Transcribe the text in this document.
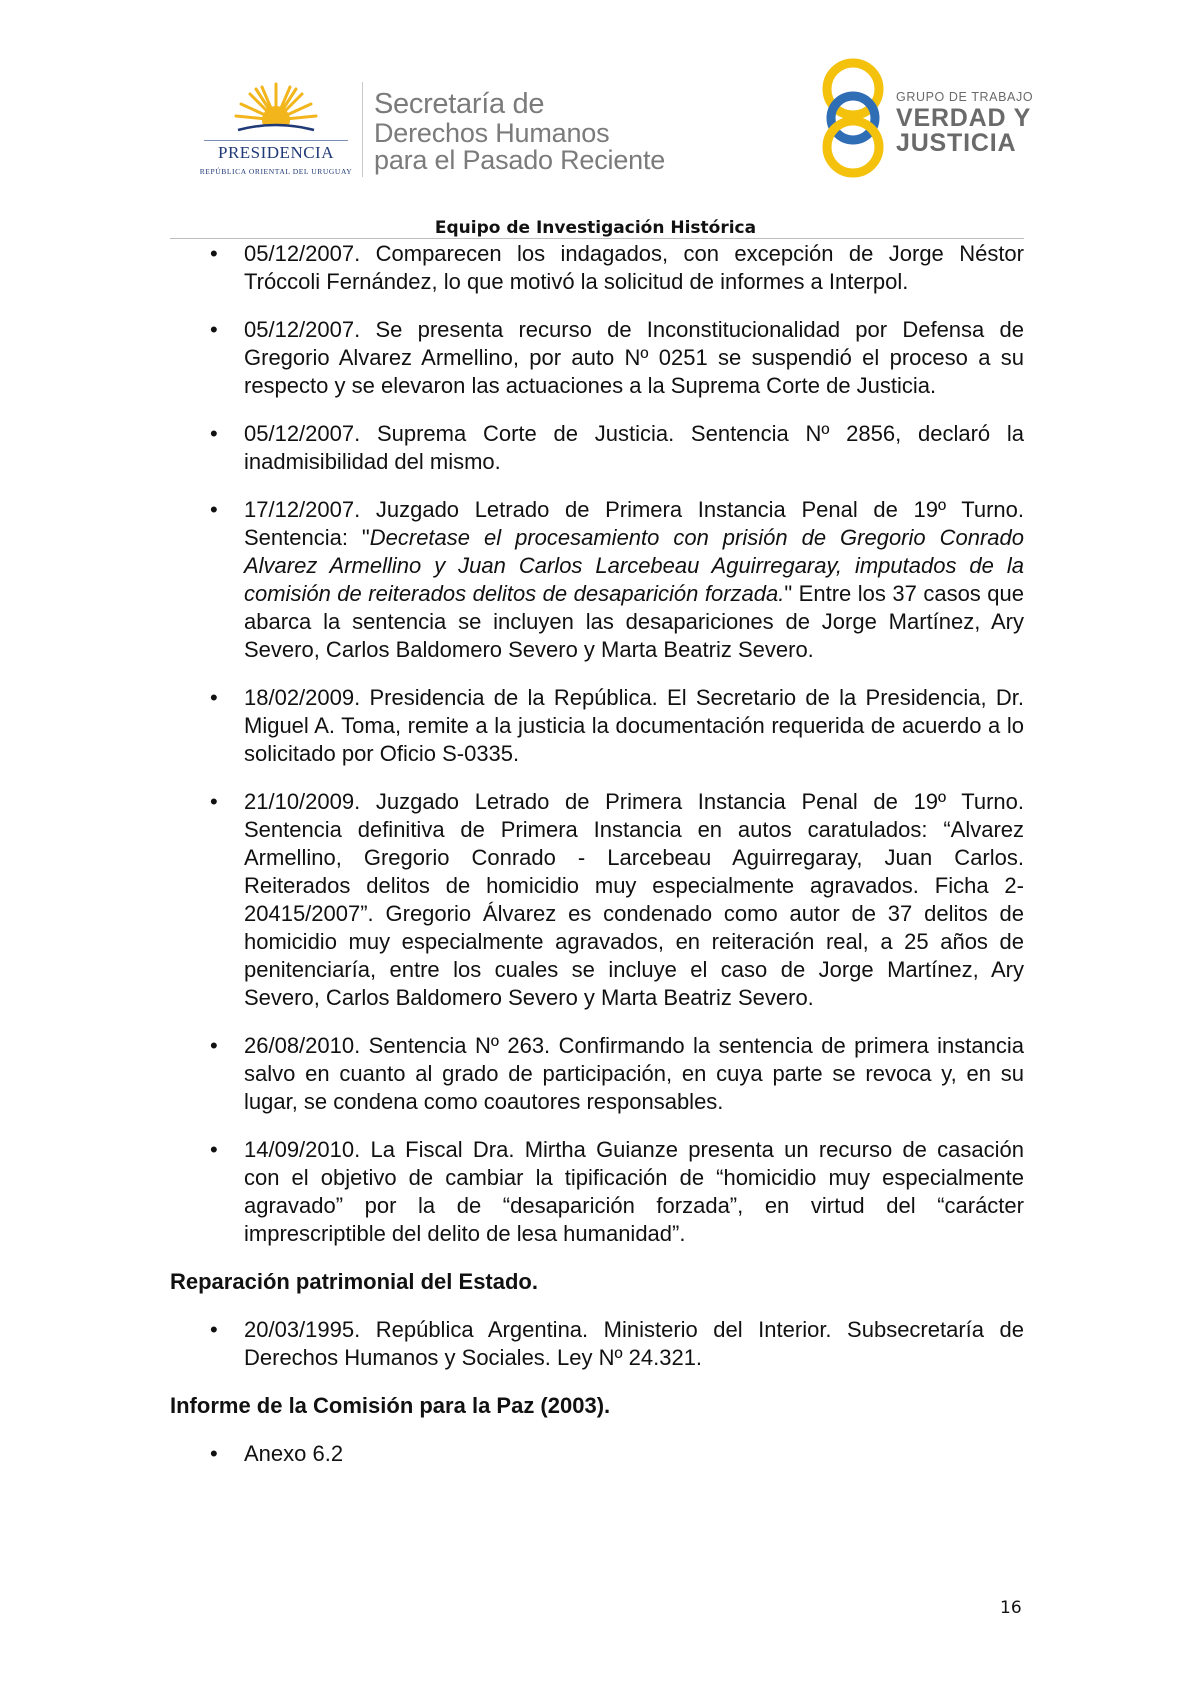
PRESIDENCIA
REPÚBLICA ORIENTAL DEL URUGUAY
Secretaría de
Derechos Humanos
para el Pasado Reciente
GRUPO DE TRABAJO
VERDAD Y
JUSTICIA
Equipo de Investigación Histórica
• 05/12/2007. Comparecen los indagados, con excepción de Jorge Néstor Tróccoli Fernández, lo que motivó la solicitud de informes a Interpol.
• 05/12/2007. Se presenta recurso de Inconstitucionalidad por Defensa de Gregorio Alvarez Armellino, por auto Nº 0251 se suspendió el proceso a su respecto y se elevaron las actuaciones a la Suprema Corte de Justicia.
• 05/12/2007. Suprema Corte de Justicia. Sentencia Nº 2856, declaró la inadmisibilidad del mismo.
• 17/12/2007. Juzgado Letrado de Primera Instancia Penal de 19º Turno. Sentencia: "Decretase el procesamiento con prisión de Gregorio Conrado Alvarez Armellino y Juan Carlos Larcebeau Aguirregaray, imputados de la comisión de reiterados delitos de desaparición forzada." Entre los 37 casos que abarca la sentencia se incluyen las desapariciones de Jorge Martínez, Ary Severo, Carlos Baldomero Severo y Marta Beatriz Severo.
• 18/02/2009. Presidencia de la República. El Secretario de la Presidencia, Dr. Miguel A. Toma, remite a la justicia la documentación requerida de acuerdo a lo solicitado por Oficio S-0335.
• 21/10/2009. Juzgado Letrado de Primera Instancia Penal de 19º Turno. Sentencia definitiva de Primera Instancia en autos caratulados: “Alvarez Armellino, Gregorio Conrado - Larcebeau Aguirregaray, Juan Carlos. Reiterados delitos de homicidio muy especialmente agravados. Ficha 2-20415/2007”. Gregorio Álvarez es condenado como autor de 37 delitos de homicidio muy especialmente agravados, en reiteración real, a 25 años de penitenciaría, entre los cuales se incluye el caso de Jorge Martínez, Ary Severo, Carlos Baldomero Severo y Marta Beatriz Severo.
• 26/08/2010. Sentencia Nº 263. Confirmando la sentencia de primera instancia salvo en cuanto al grado de participación, en cuya parte se revoca y, en su lugar, se condena como coautores responsables.
• 14/09/2010. La Fiscal Dra. Mirtha Guianze presenta un recurso de casación con el objetivo de cambiar la tipificación de “homicidio muy especialmente agravado” por la de “desaparición forzada”, en virtud del “carácter imprescriptible del delito de lesa humanidad”.
Reparación patrimonial del Estado.
• 20/03/1995. República Argentina. Ministerio del Interior. Subsecretaría de Derechos Humanos y Sociales. Ley Nº 24.321.
Informe de la Comisión para la Paz (2003).
• Anexo 6.2
16
